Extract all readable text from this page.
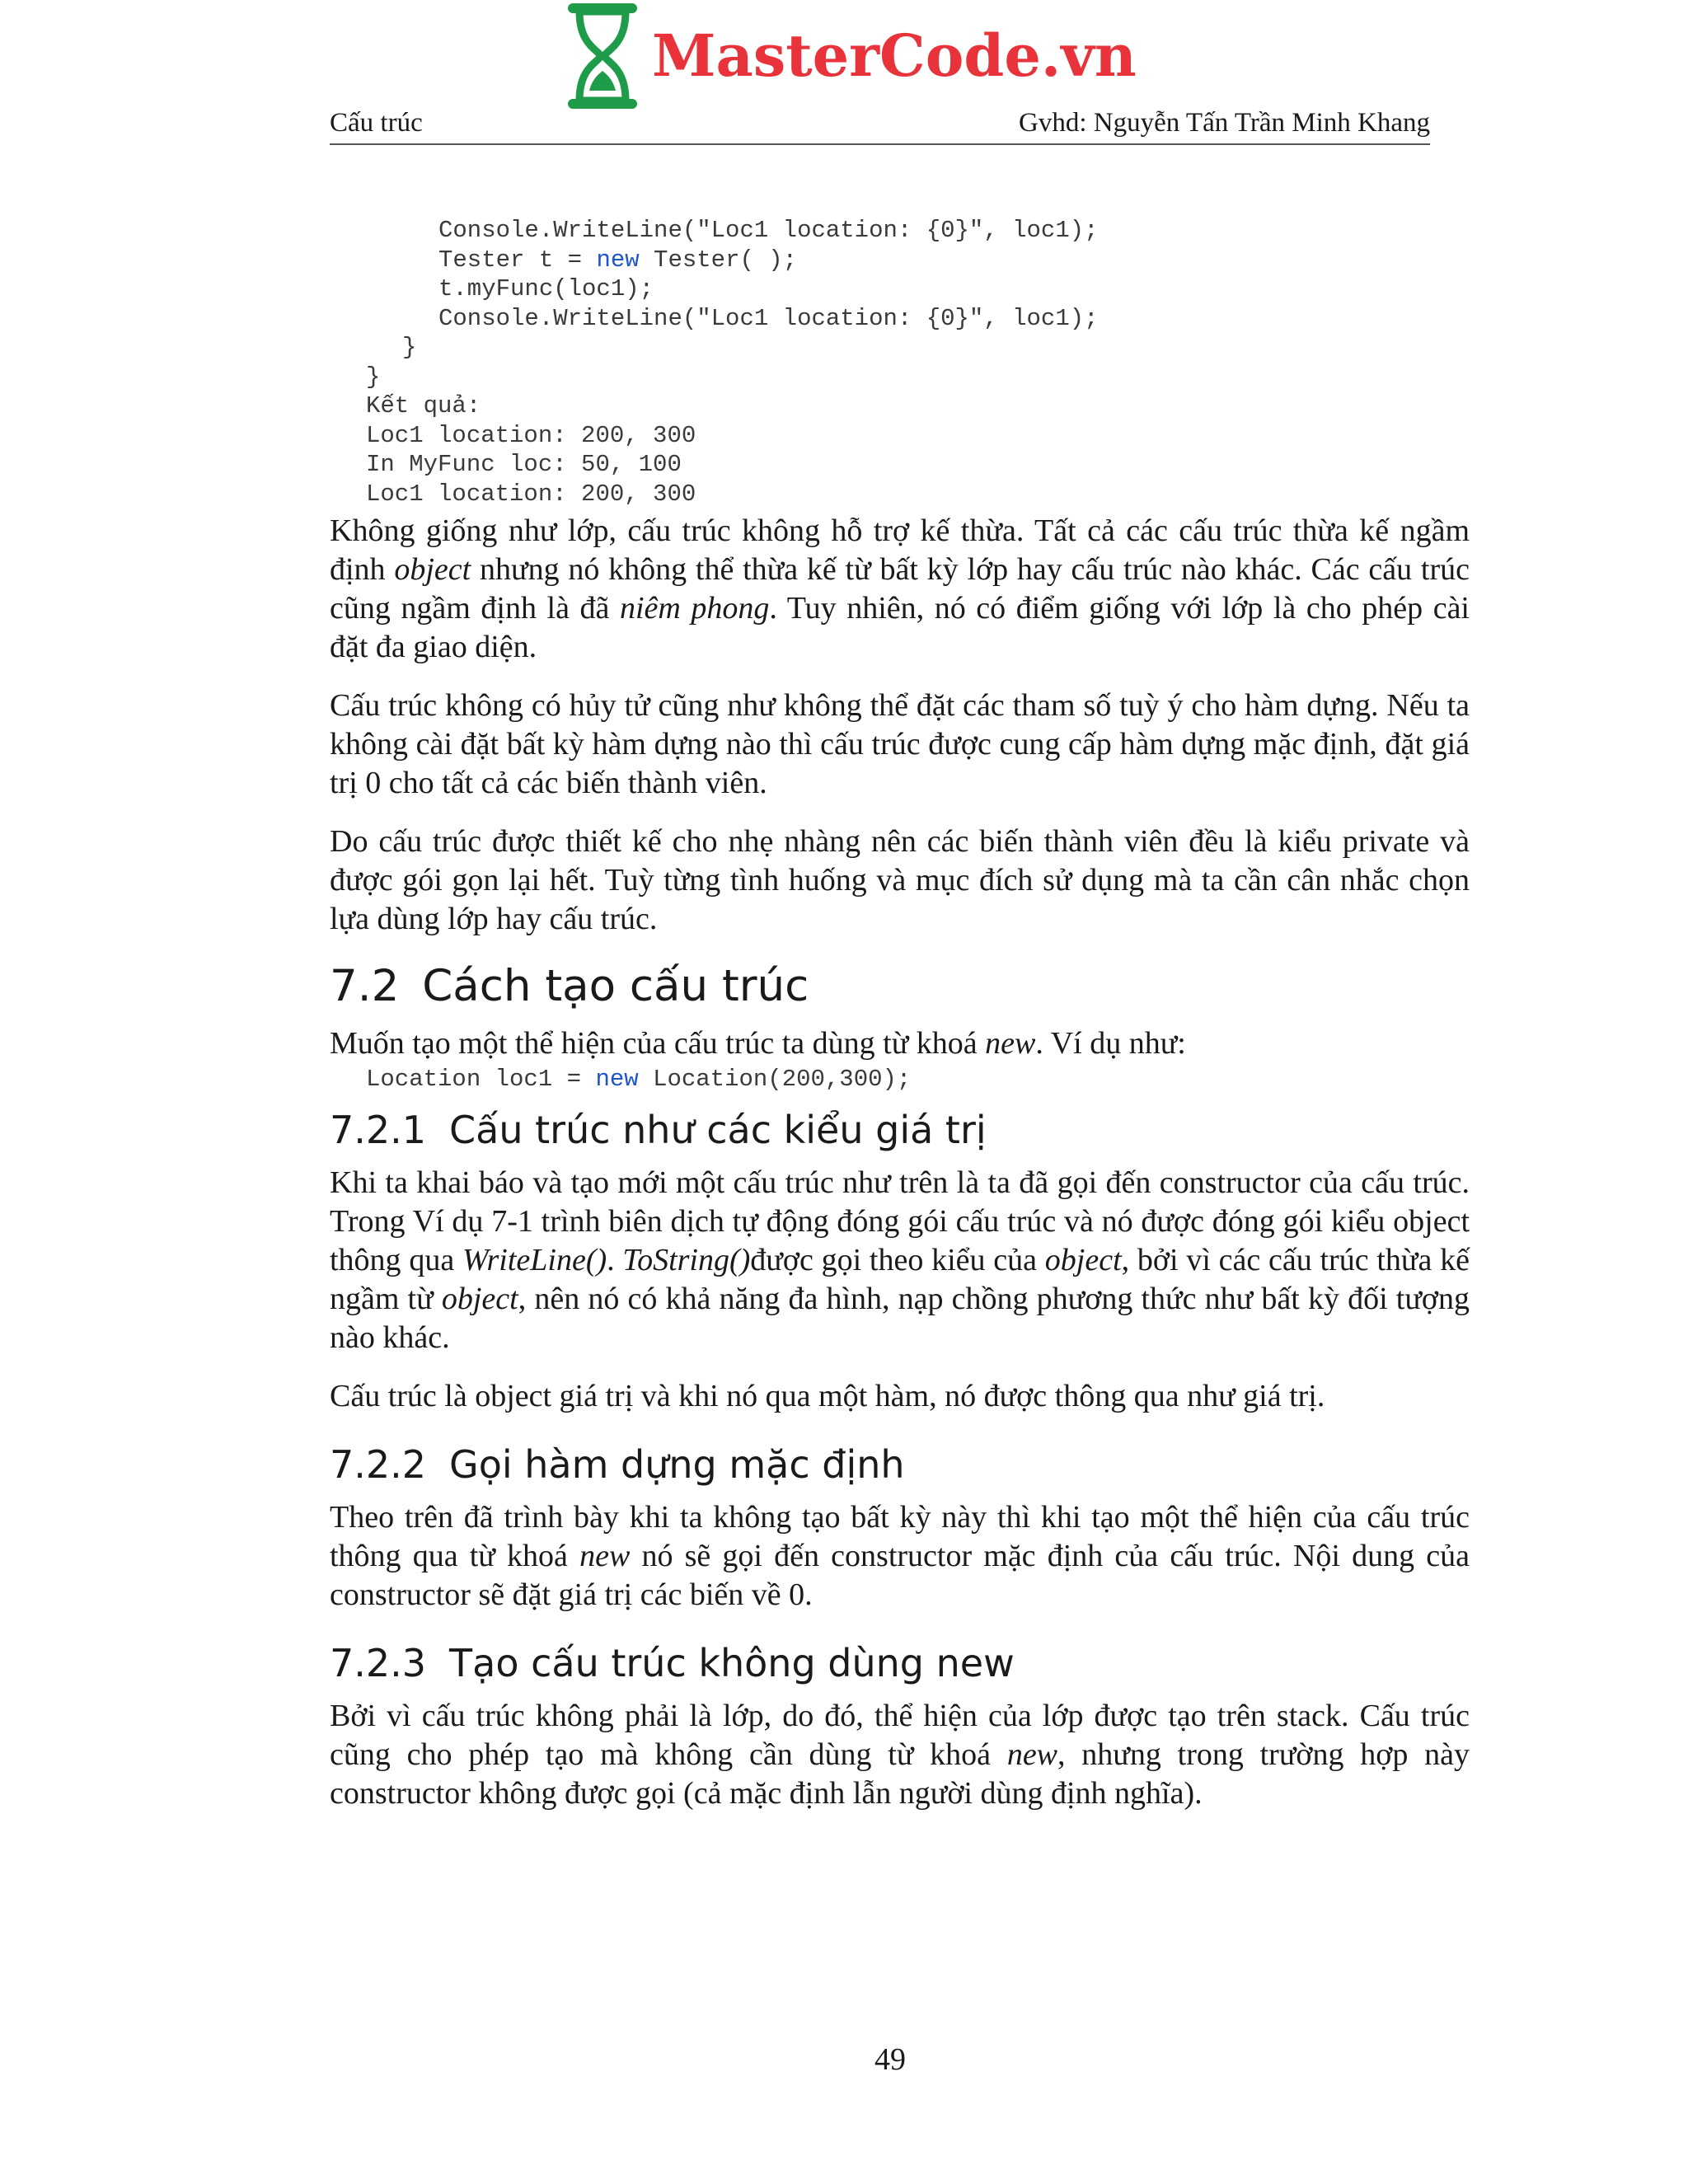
MasterCode.vn
Cấu trúc	Gvhd: Nguyễn Tấn Trần Minh Khang
Console.WriteLine("Loc1 location: {0}", loc1);
Tester t = new Tester( );
t.myFunc(loc1);
Console.WriteLine("Loc1 location: {0}", loc1);
}
}
Kết quả:
Loc1 location: 200, 300
In MyFunc loc: 50, 100
Loc1 location: 200, 300

Không giống như lớp, cấu trúc không hỗ trợ kế thừa. Tất cả các cấu trúc thừa kế ngầm định object nhưng nó không thể thừa kế từ bất kỳ lớp hay cấu trúc nào khác. Các cấu trúc cũng ngầm định là đã niêm phong. Tuy nhiên, nó có điểm giống với lớp là cho phép cài đặt đa giao diện.

Cấu trúc không có hủy tử cũng như không thể đặt các tham số tuỳ ý cho hàm dựng. Nếu ta không cài đặt bất kỳ hàm dựng nào thì cấu trúc được cung cấp hàm dựng mặc định, đặt giá trị 0 cho tất cả các biến thành viên.

Do cấu trúc được thiết kế cho nhẹ nhàng nên các biến thành viên đều là kiểu private và được gói gọn lại hết. Tuỳ từng tình huống và mục đích sử dụng mà ta cần cân nhắc chọn lựa dùng lớp hay cấu trúc.

7.2 Cách tạo cấu trúc

Muốn tạo một thể hiện của cấu trúc ta dùng từ khoá new. Ví dụ như:

Location loc1 = new Location(200,300);
7.2.1 Cấu trúc như các kiểu giá trị

Khi ta khai báo và tạo mới một cấu trúc như trên là ta đã gọi đến constructor của cấu trúc. Trong Ví dụ 7-1 trình biên dịch tự động đóng gói cấu trúc và nó được đóng gói kiểu object thông qua WriteLine(). ToString()được gọi theo kiểu của object, bởi vì các cấu trúc thừa kế ngầm từ object, nên nó có khả năng đa hình, nạp chồng phương thức như bất kỳ đối tượng nào khác.

Cấu trúc là object giá trị và khi nó qua một hàm, nó được thông qua như giá trị.

7.2.2 Gọi hàm dựng mặc định

Theo trên đã trình bày khi ta không tạo bất kỳ này thì khi tạo một thể hiện của cấu trúc thông qua từ khoá new nó sẽ gọi đến constructor mặc định của cấu trúc. Nội dung của constructor sẽ đặt giá trị các biến về 0.

7.2.3 Tạo cấu trúc không dùng new

Bởi vì cấu trúc không phải là lớp, do đó, thể hiện của lớp được tạo trên stack. Cấu trúc cũng cho phép tạo mà không cần dùng từ khoá new, nhưng trong trường hợp này constructor không được gọi (cả mặc định lẫn người dùng định nghĩa).

49
